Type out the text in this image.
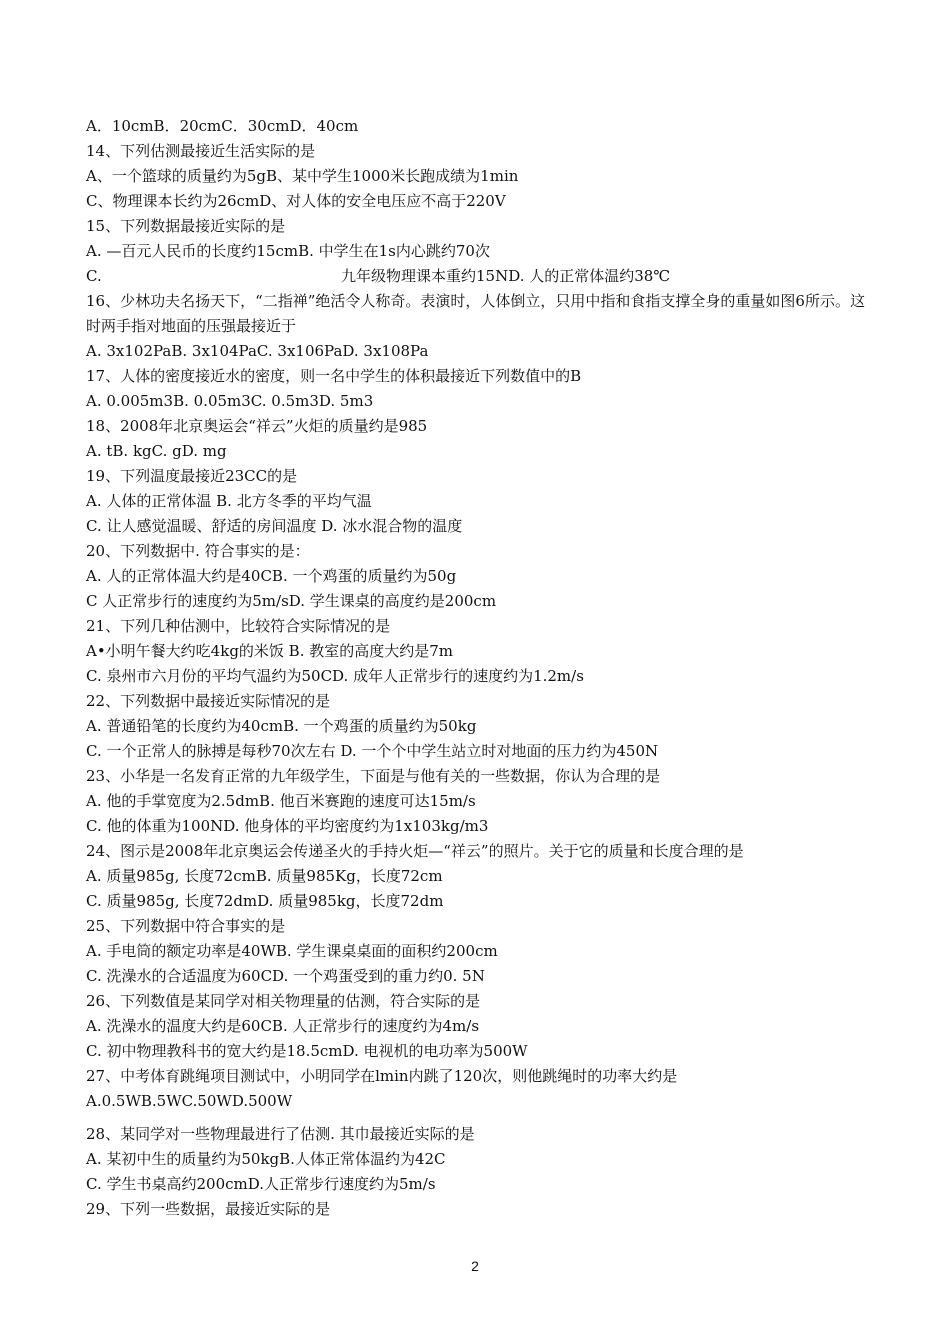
A．10cmB．20cmC．30cmD．40cm
14、下列估测最接近生活实际的是
A、一个篮球的质量约为5gB、某中学生1000米长跑成绩为1min
C、物理课本长约为26cmD、对人体的安全电压应不高于220V
15、下列数据最接近实际的是
A. —百元人民币的长度约15cmB. 中学生在1s内心跳约70次
C.	九年级物理课本重约15ND. 人的正常体温约38℃
16、少林功夫名扬天下，“二指禅”绝活令人称奇。表演时，人体倒立，只用中指和食指支撑全身的重量如图6所示。这时两手指对地面的压强最接近于
A. 3x102PaB. 3x104PaC. 3x106PaD. 3x108Pa
17、人体的密度接近水的密度，则一名中学生的体积最接近下列数值中的B
A. 0.005m3B. 0.05m3C. 0.5m3D. 5m3
18、2008年北京奥运会“祥云”火炬的质量约是985
A. tB. kgC. gD. mg
19、下列温度最接近23CC的是
A. 人体的正常体温 B. 北方冬季的平均气温
C. 让人感觉温暖、舒适的房间温度 D. 冰水混合物的温度
20、下列数据中. 符合事实的是：
A. 人的正常体温大约是40CB. 一个鸡蛋的质量约为50g
C 人正常步行的速度约为5m/sD. 学生课桌的高度约是200cm
21、下列几种估测中，比较符合实际情况的是
A•小明午餐大约吃4kg的米饭 B. 教室的高度大约是7m
C. 泉州市六月份的平均气温约为50CD. 成年人正常步行的速度约为1.2m/s
22、下列数据中最接近实际情况的是
A. 普通铅笔的长度约为40cmB. 一个鸡蛋的质量约为50kg
C. 一个正常人的脉搏是每秒70次左右 D. 一个个中学生站立时对地面的压力约为450N
23、小华是一名发育正常的九年级学生，下面是与他有关的一些数据，你认为合理的是
A. 他的手掌宽度为2.5dmB. 他百米赛跑的速度可达15m/s
C. 他的体重为100ND. 他身体的平均密度约为1x103kg/m3
24、图示是2008年北京奥运会传递圣火的手持火炬—“祥云”的照片。关于它的质量和长度合理的是
A. 质量985g, 长度72cmB. 质量985Kg，长度72cm
C. 质量985g, 长度72dmD. 质量985kg，长度72dm
25、下列数据中符合事实的是
A. 手电筒的额定功率是40WB. 学生课桌桌面的面积约200cm
C. 洗澡水的合适温度为60CD. 一个鸡蛋受到的重力约0. 5N
26、下列数值是某同学对相关物理量的估测，符合实际的是
A. 洗澡水的温度大约是60CB. 人正常步行的速度约为4m/s
C. 初中物理教科书的宽大约是18.5cmD. 电视机的电功率为500W
27、中考体育跳绳项目测试中，小明同学在lmin内跳了120次，则他跳绳时的功率大约是
A.0.5WB.5WC.50WD.500W
28、某同学对一些物理最进行了估测. 其巾最接近实际的是
A. 某初中生的质量约为50kgB.人体正常体温约为42C
C. 学生书桌高约200cmD.人正常步行速度约为5m/s
29、下列一些数据，最接近实际的是
2
